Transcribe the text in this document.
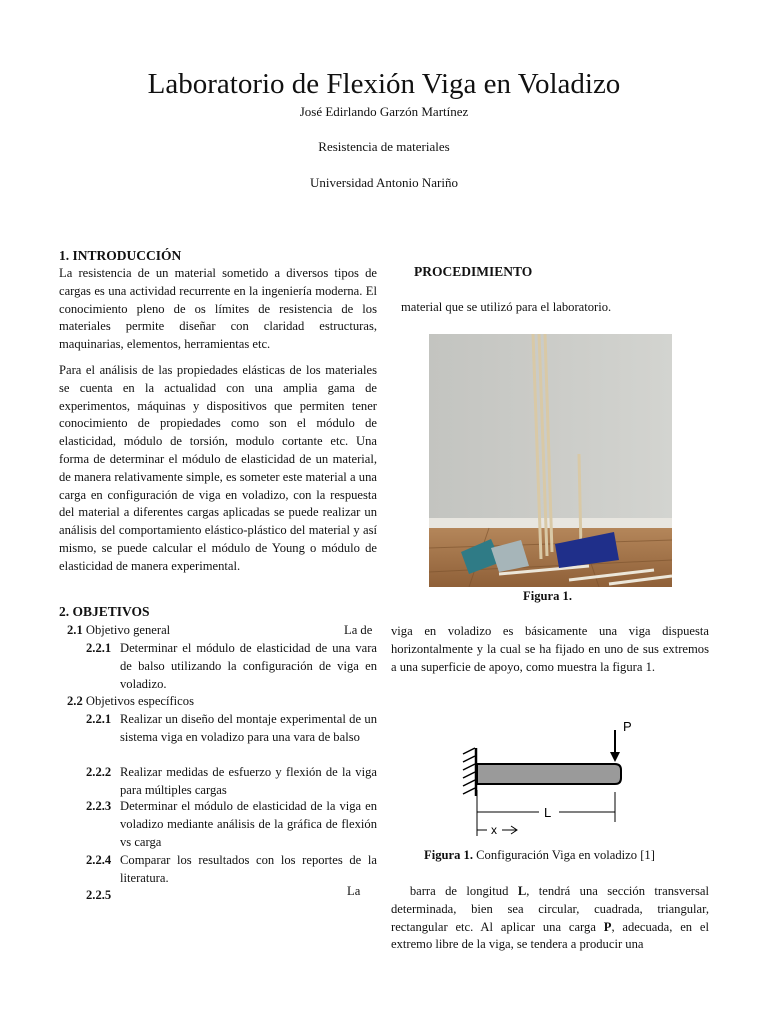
Laboratorio de Flexión Viga en Voladizo
José Edirlando Garzón Martínez
Resistencia de materiales
Universidad Antonio Nariño
1. INTRODUCCIÓN
La resistencia de un material sometido a diversos tipos de cargas es una actividad recurrente en la ingeniería moderna. El conocimiento pleno de os límites de resistencia de los materiales permite diseñar con claridad estructuras, maquinarias, elementos, herramientas etc.
Para el análisis de las propiedades elásticas de los materiales se cuenta en la actualidad con una amplia gama de experimentos, máquinas y dispositivos que permiten tener conocimiento de propiedades como son el módulo de elasticidad, módulo de torsión, modulo cortante etc. Una forma de determinar el módulo de elasticidad de un material, de manera relativamente simple, es someter este material a una carga en configuración de viga en voladizo, con la respuesta del material a diferentes cargas aplicadas se puede realizar un análisis del comportamiento elástico-plástico del material y así mismo, se puede calcular el módulo de Young o módulo de elasticidad de manera experimental.
2. OBJETIVOS
2.1 Objetivo general	La de
2.2.1 Determinar el módulo de elasticidad de una vara de balso utilizando la configuración de viga en voladizo.
2.2 Objetivos específicos
2.2.1 Realizar un diseño del montaje experimental de un sistema viga en voladizo para una vara de balso
2.2.2 Realizar medidas de esfuerzo y flexión de la viga para múltiples cargas
2.2.3 Determinar el módulo de elasticidad de la viga en voladizo mediante análisis de la gráfica de flexión vs carga
2.2.4 Comparar los resultados con los reportes de la literatura.
2.2.5	La
PROCEDIMIENTO
material que se utilizó para el laboratorio.
Figura 1.
viga en voladizo es básicamente una viga dispuesta horizontalmente y la cual se ha fijado en uno de sus extremos a una superficie de apoyo, como muestra la figura 1.
P
L
x
Figura 1. Configuración Viga en voladizo [1]
barra de longitud L, tendrá una sección transversal determinada, bien sea circular, cuadrada, triangular, rectangular etc. Al aplicar una carga P, adecuada, en el extremo libre de la viga, se tendera a producir una
